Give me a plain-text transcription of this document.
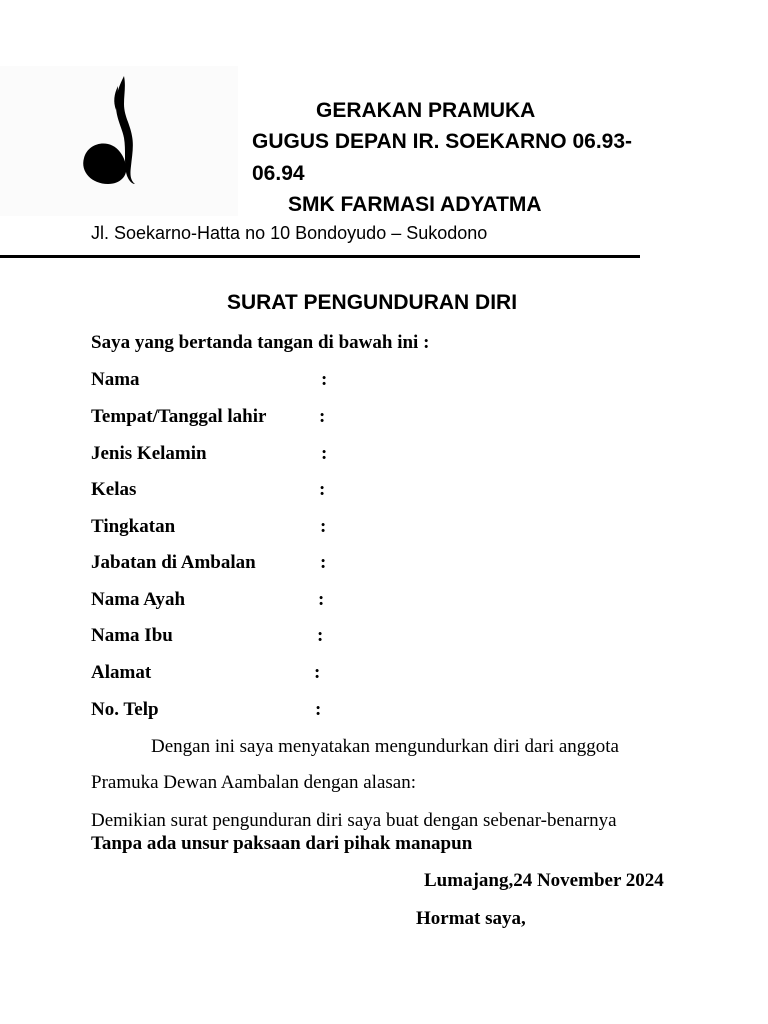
GERAKAN PRAMUKA
GUGUS DEPAN IR. SOEKARNO 06.93-
06.94
SMK FARMASI ADYATMA
Jl. Soekarno-Hatta no 10 Bondoyudo – Sukodono
SURAT PENGUNDURAN DIRI
Saya yang bertanda tangan di bawah ini :
Nama	:
Tempat/Tanggal lahir	:
Jenis Kelamin	:
Kelas	:
Tingkatan	:
Jabatan di Ambalan	:
Nama Ayah	:
Nama Ibu	:
Alamat	:
No. Telp	:
Dengan ini saya menyatakan mengundurkan diri dari anggota
Pramuka Dewan Aambalan dengan alasan:
Demikian surat pengunduran diri saya buat dengan sebenar-benarnya
Tanpa ada unsur paksaan dari pihak manapun
Lumajang,24 November 2024
Hormat saya,
